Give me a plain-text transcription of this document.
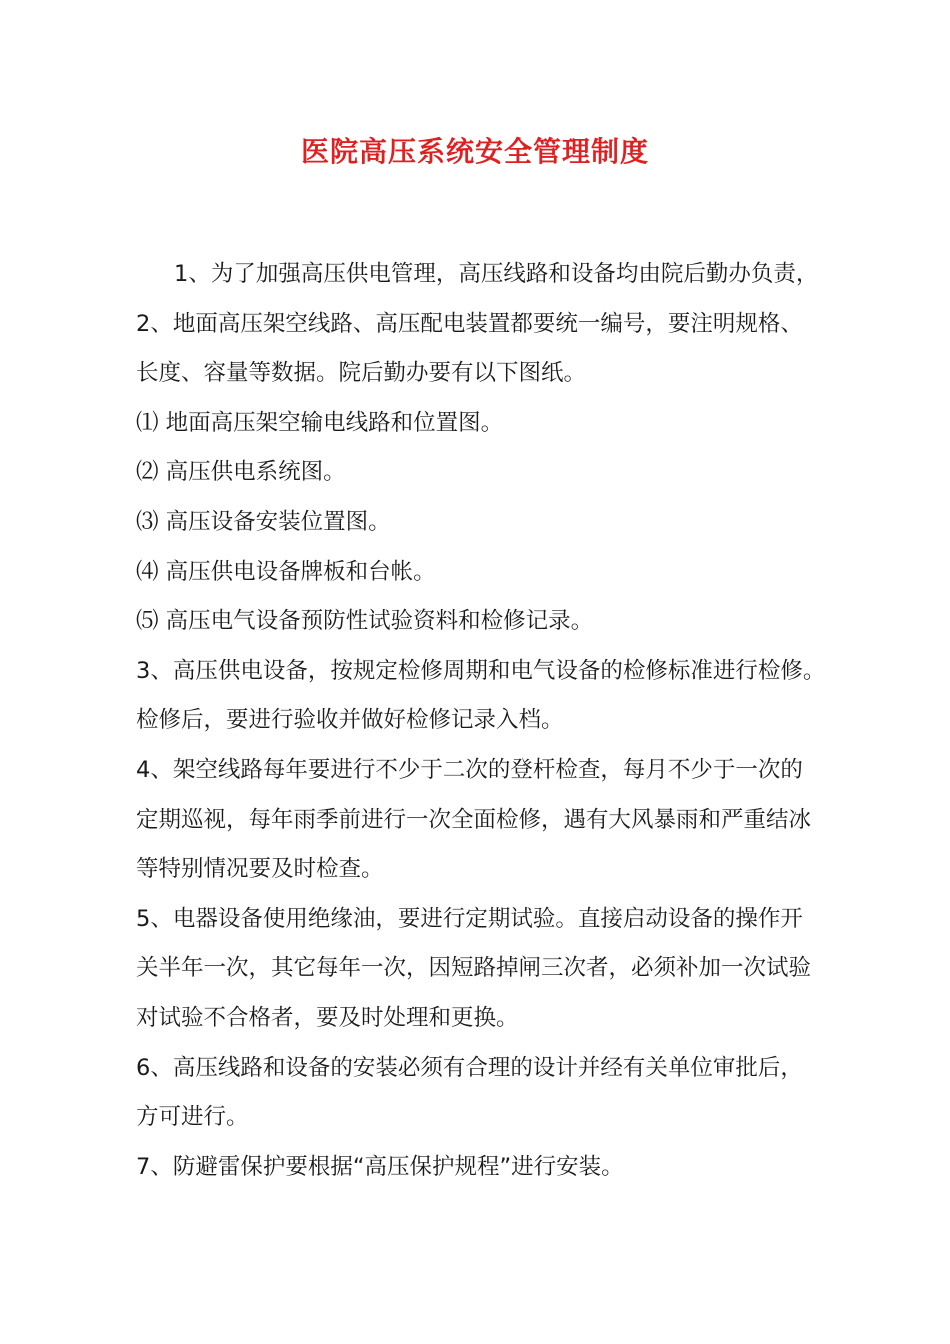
医院高压系统安全管理制度
1、为了加强高压供电管理，高压线路和设备均由院后勤办负责，
2、地面高压架空线路、高压配电装置都要统一编号，要注明规格、
长度、容量等数据。院后勤办要有以下图纸。
⑴ 地面高压架空输电线路和位置图。
⑵ 高压供电系统图。
⑶ 高压设备安装位置图。
⑷ 高压供电设备牌板和台帐。
⑸ 高压电气设备预防性试验资料和检修记录。
3、高压供电设备，按规定检修周期和电气设备的检修标准进行检修。
检修后，要进行验收并做好检修记录入档。
4、架空线路每年要进行不少于二次的登杆检查，每月不少于一次的
定期巡视，每年雨季前进行一次全面检修，遇有大风暴雨和严重结冰
等特别情况要及时检查。
5、电器设备使用绝缘油，要进行定期试验。直接启动设备的操作开
关半年一次，其它每年一次，因短路掉闸三次者，必须补加一次试验
对试验不合格者，要及时处理和更换。
6、高压线路和设备的安装必须有合理的设计并经有关单位审批后，
方可进行。
7、防避雷保护要根据“高压保护规程”进行安装。
